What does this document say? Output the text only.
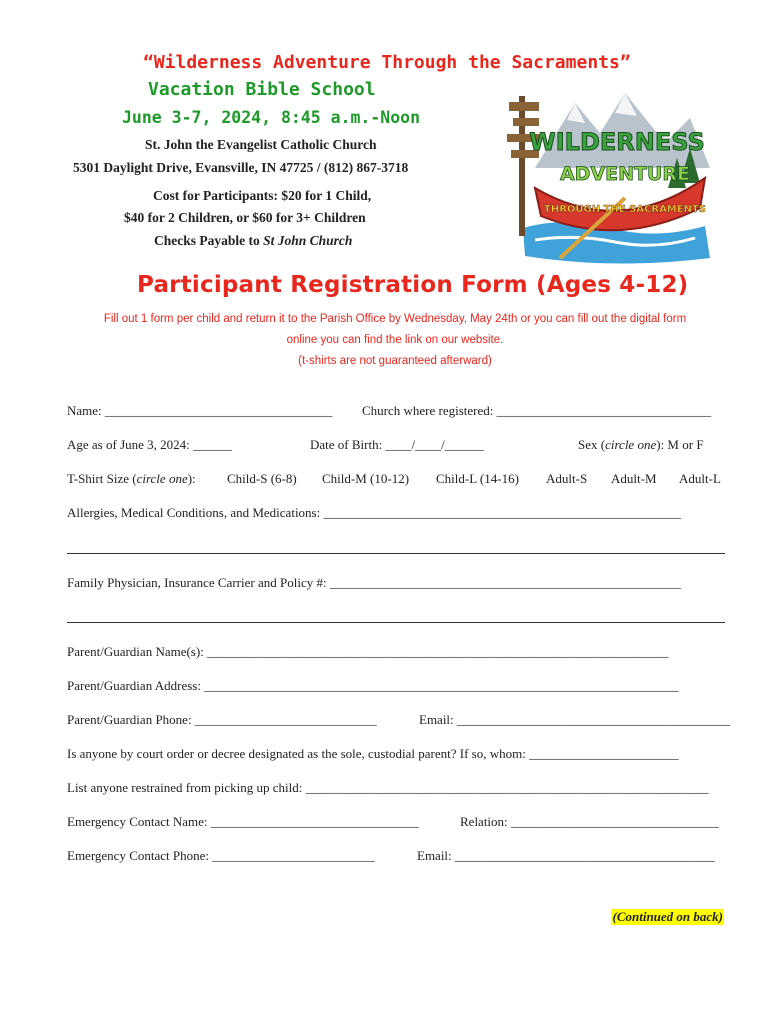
“Wilderness Adventure Through the Sacraments”
Vacation Bible School
June 3-7, 2024, 8:45 a.m.-Noon
St. John the Evangelist Catholic Church
5301 Daylight Drive, Evansville, IN 47725 / (812) 867-3718
Cost for Participants: $20 for 1 Child,
$40 for 2 Children, or $60 for 3+ Children
Checks Payable to St John Church
WILDERNESS
ADVENTURE
THROUGH THE SACRAMENTS
Participant Registration Form (Ages 4-12)
Fill out 1 form per child and return it to the Parish Office by Wednesday, May 24th or you can fill out the digital form
online you can find the link on our website.
(t-shirts are not guaranteed afterward)
Name: ___________________________________ Church where registered: _________________________________
Age as of June 3, 2024: ______	Date of Birth: ____/____/______	Sex (circle one): M or F
T-Shirt Size (circle one): Child-S (6-8) Child-M (10-12) Child-L (14-16) Adult-S Adult-M Adult-L
Allergies, Medical Conditions, and Medications: _______________________________________________________
Family Physician, Insurance Carrier and Policy #: ______________________________________________________
Parent/Guardian Name(s): _______________________________________________________________________
Parent/Guardian Address: _________________________________________________________________________
Parent/Guardian Phone: ____________________________	Email: __________________________________________
Is anyone by court order or decree designated as the sole, custodial parent? If so, whom: _______________________
List anyone restrained from picking up child: ______________________________________________________________
Emergency Contact Name: ________________________________	Relation: ________________________________
Emergency Contact Phone: _________________________	Email: ________________________________________
(Continued on back)
